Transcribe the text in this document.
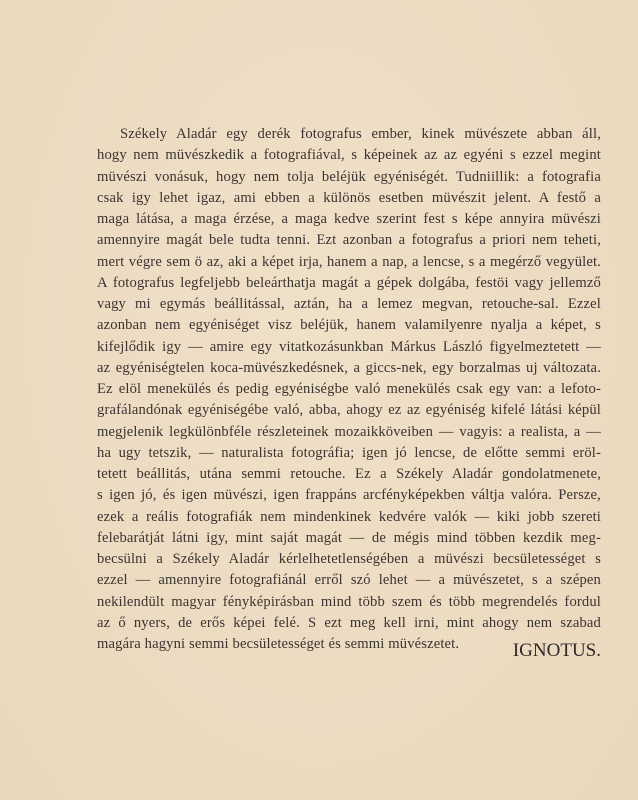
Székely Aladár egy derék fotografus ember, kinek müvészete abban áll,
hogy nem müvészkedik a fotografiával, s képeinek az az egyéni s ezzel megint
müvészi vonásuk, hogy nem tolja beléjük egyéniségét. Tudniillik: a fotografia
csak igy lehet igaz, ami ebben a különös esetben müvészit jelent. A festő a
maga látása, a maga érzése, a maga kedve szerint fest s képe annyira müvészi
amennyire magát bele tudta tenni. Ezt azonban a fotografus a priori nem teheti,
mert végre sem ö az, aki a képet irja, hanem a nap, a lencse, s a megérző vegyület.
A fotografus legfeljebb beleárthatja magát a gépek dolgába, festöi vagy jellemző
vagy mi egymás beállitással, aztán, ha a lemez megvan, retouche-sal. Ezzel
azonban nem egyéniséget visz beléjük, hanem valamilyenre nyalja a képet, s
kifejlődik igy — amire egy vitatkozásunkban Márkus László figyelmeztetett —
az egyéniségtelen koca-müvészkedésnek, a giccs-nek, egy borzalmas uj változata.
Ez elöl menekülés és pedig egyéniségbe való menekülés csak egy van: a lefoto-
grafálandónak egyéniségébe való, abba, ahogy ez az egyéniség kifelé látási képül
megjelenik legkülönbféle részleteinek mozaikköveiben — vagyis: a realista, a —
ha ugy tetszik, — naturalista fotográfia; igen jó lencse, de előtte semmi eröl-
tetett beállitás, utána semmi retouche. Ez a Székely Aladár gondolatmenete,
s igen jó, és igen müvészi, igen frappáns arcfényképekben váltja valóra. Persze,
ezek a reális fotografiák nem mindenkinek kedvére valók — kiki jobb szereti
felebarátját látni igy, mint saját magát — de mégis mind többen kezdik meg-
becsülni a Székely Aladár kérlelhetetlenségében a müvészi becsületességet s
ezzel — amennyire fotografiánál erről szó lehet — a müvészetet, s a szépen
nekilendült magyar fényképirásban mind több szem és több megrendelés fordul
az ő nyers, de erős képei felé. S ezt meg kell irni, mint ahogy nem szabad
magára hagyni semmi becsületességet és semmi müvészetet.	IGNOTUS.
